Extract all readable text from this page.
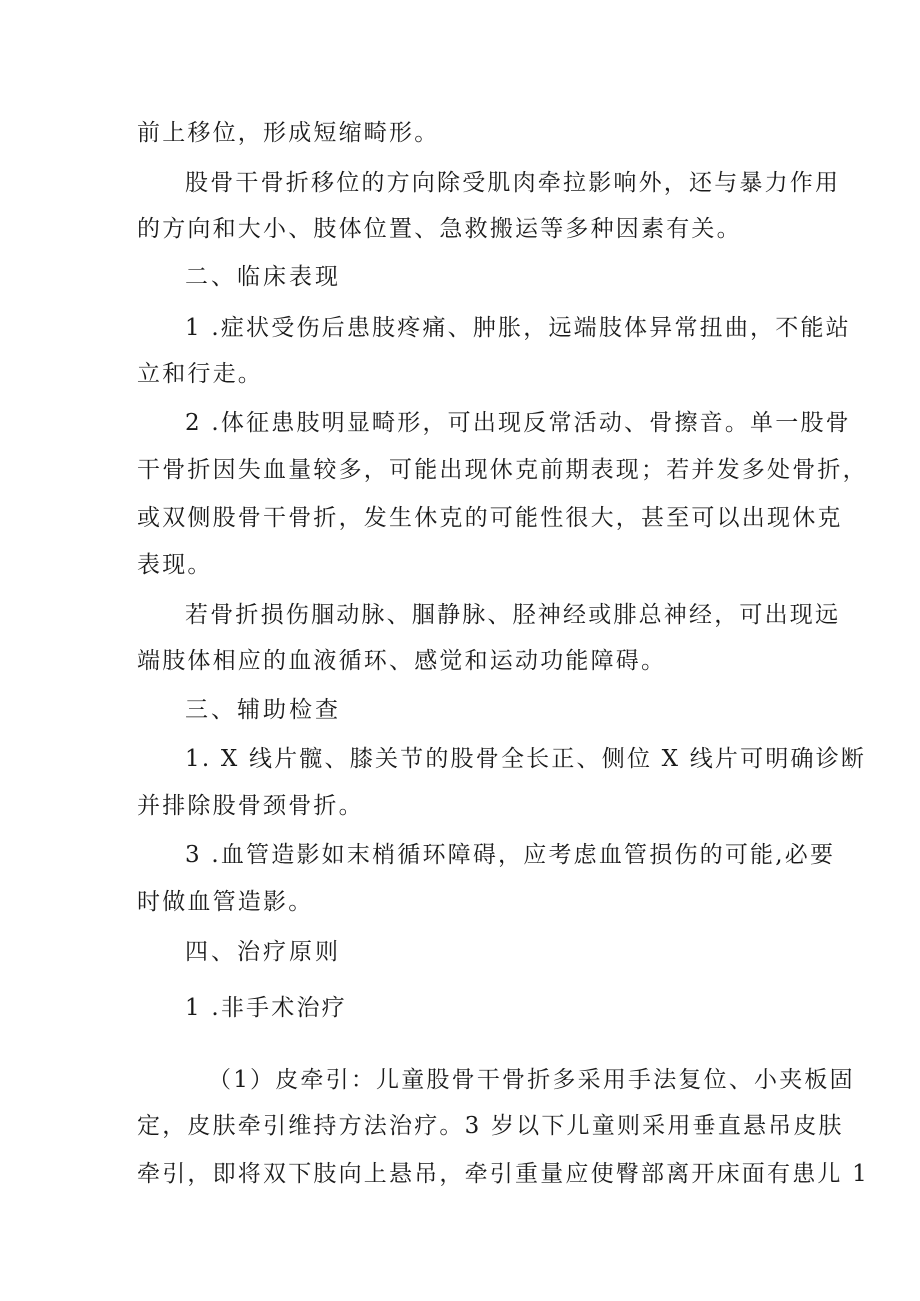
前上移位，形成短缩畸形。
股骨干骨折移位的方向除受肌肉牵拉影响外，还与暴力作用
的方向和大小、肢体位置、急救搬运等多种因素有关。
二、临床表现
1 .症状受伤后患肢疼痛、肿胀，远端肢体异常扭曲，不能站
立和行走。
2 .体征患肢明显畸形，可出现反常活动、骨擦音。单一股骨
干骨折因失血量较多，可能出现休克前期表现；若并发多处骨折，
或双侧股骨干骨折，发生休克的可能性很大，甚至可以出现休克
表现。
若骨折损伤腘动脉、腘静脉、胫神经或腓总神经，可出现远
端肢体相应的血液循环、感觉和运动功能障碍。
三、辅助检查
1. X 线片髋、膝关节的股骨全长正、侧位 X 线片可明确诊断
并排除股骨颈骨折。
3 .血管造影如末梢循环障碍，应考虑血管损伤的可能,必要
时做血管造影。
四、治疗原则
1 .非手术治疗
（1）皮牵引：儿童股骨干骨折多采用手法复位、小夹板固
定，皮肤牵引维持方法治疗。3 岁以下儿童则采用垂直悬吊皮肤
牵引，即将双下肢向上悬吊，牵引重量应使臀部离开床面有患儿 1
